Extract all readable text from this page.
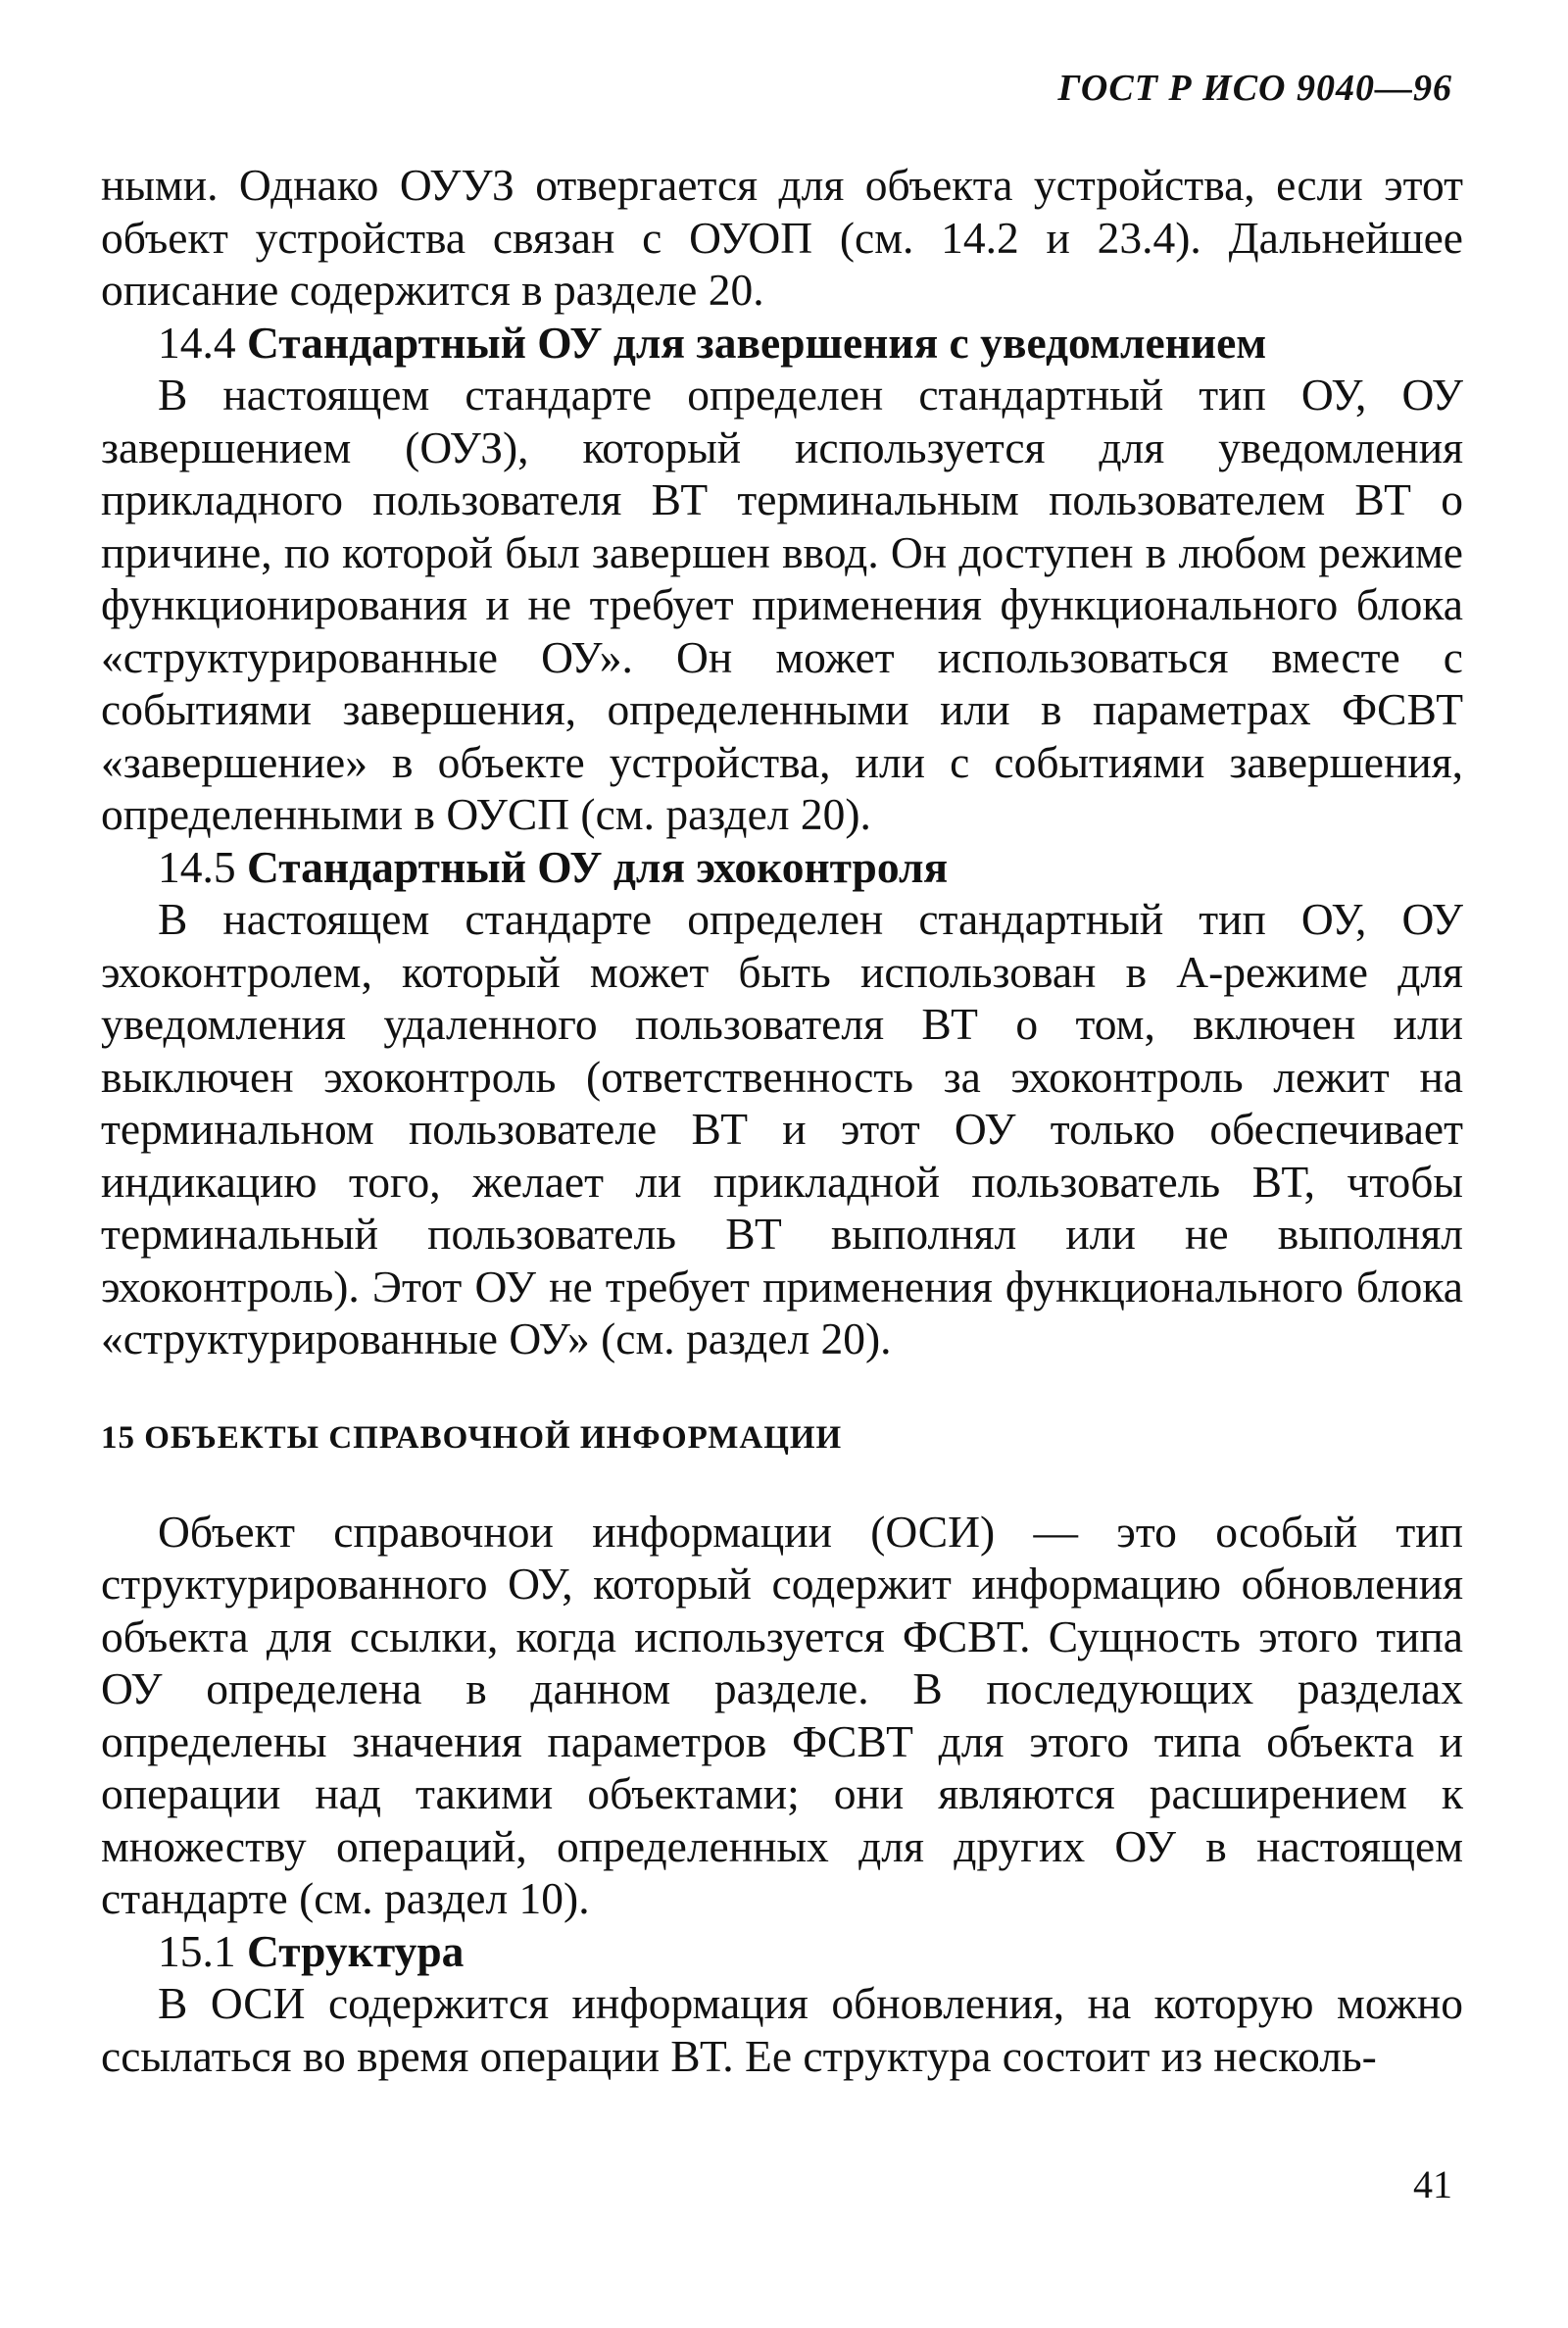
ГОСТ Р ИСО 9040—96

ными. Однако ОУУЗ отвергается для объекта устройства, если этот объект устройства связан с ОУОП (см. 14.2 и 23.4). Дальнейшее описание содержится в разделе 20.

14.4 Стандартный ОУ для завершения с уведомлением

В настоящем стандарте определен стандартный тип ОУ, ОУ завершением (ОУЗ), который используется для уведомления прикладного пользователя ВТ терминальным пользователем ВТ о причине, по которой был завершен ввод. Он доступен в любом режиме функционирования и не требует применения функционального блока «структурированные ОУ». Он может использоваться вместе с событиями завершения, определенными или в параметрах ФСВТ «завершение» в объекте устройства, или с событиями завершения, определенными в ОУСП (см. раздел 20).

14.5 Стандартный ОУ для эхоконтроля

В настоящем стандарте определен стандартный тип ОУ, ОУ эхоконтролем, который может быть использован в А-режиме для уведомления удаленного пользователя ВТ о том, включен или выключен эхоконтроль (ответственность за эхоконтроль лежит на терминальном пользователе ВТ и этот ОУ только обеспечивает индикацию того, желает ли прикладной пользователь ВТ, чтобы терминальный пользователь ВТ выполнял или не выполнял эхоконтроль). Этот ОУ не требует применения функционального блока «структурированные ОУ» (см. раздел 20).

15 ОБЪЕКТЫ СПРАВОЧНОЙ ИНФОРМАЦИИ

Объект справочнои информации (ОСИ) — это особый тип структурированного ОУ, который содержит информацию обновления объекта для ссылки, когда используется ФСВТ. Сущность этого типа ОУ определена в данном разделе. В последующих разделах определены значения параметров ФСВТ для этого типа объекта и операции над такими объектами; они являются расширением к множеству операций, определенных для других ОУ в настоящем стандарте (см. раздел 10).

15.1 Структура

В ОСИ содержится информация обновления, на которую можно ссылаться во время операции ВТ. Ее структура состоит из несколь-

41
